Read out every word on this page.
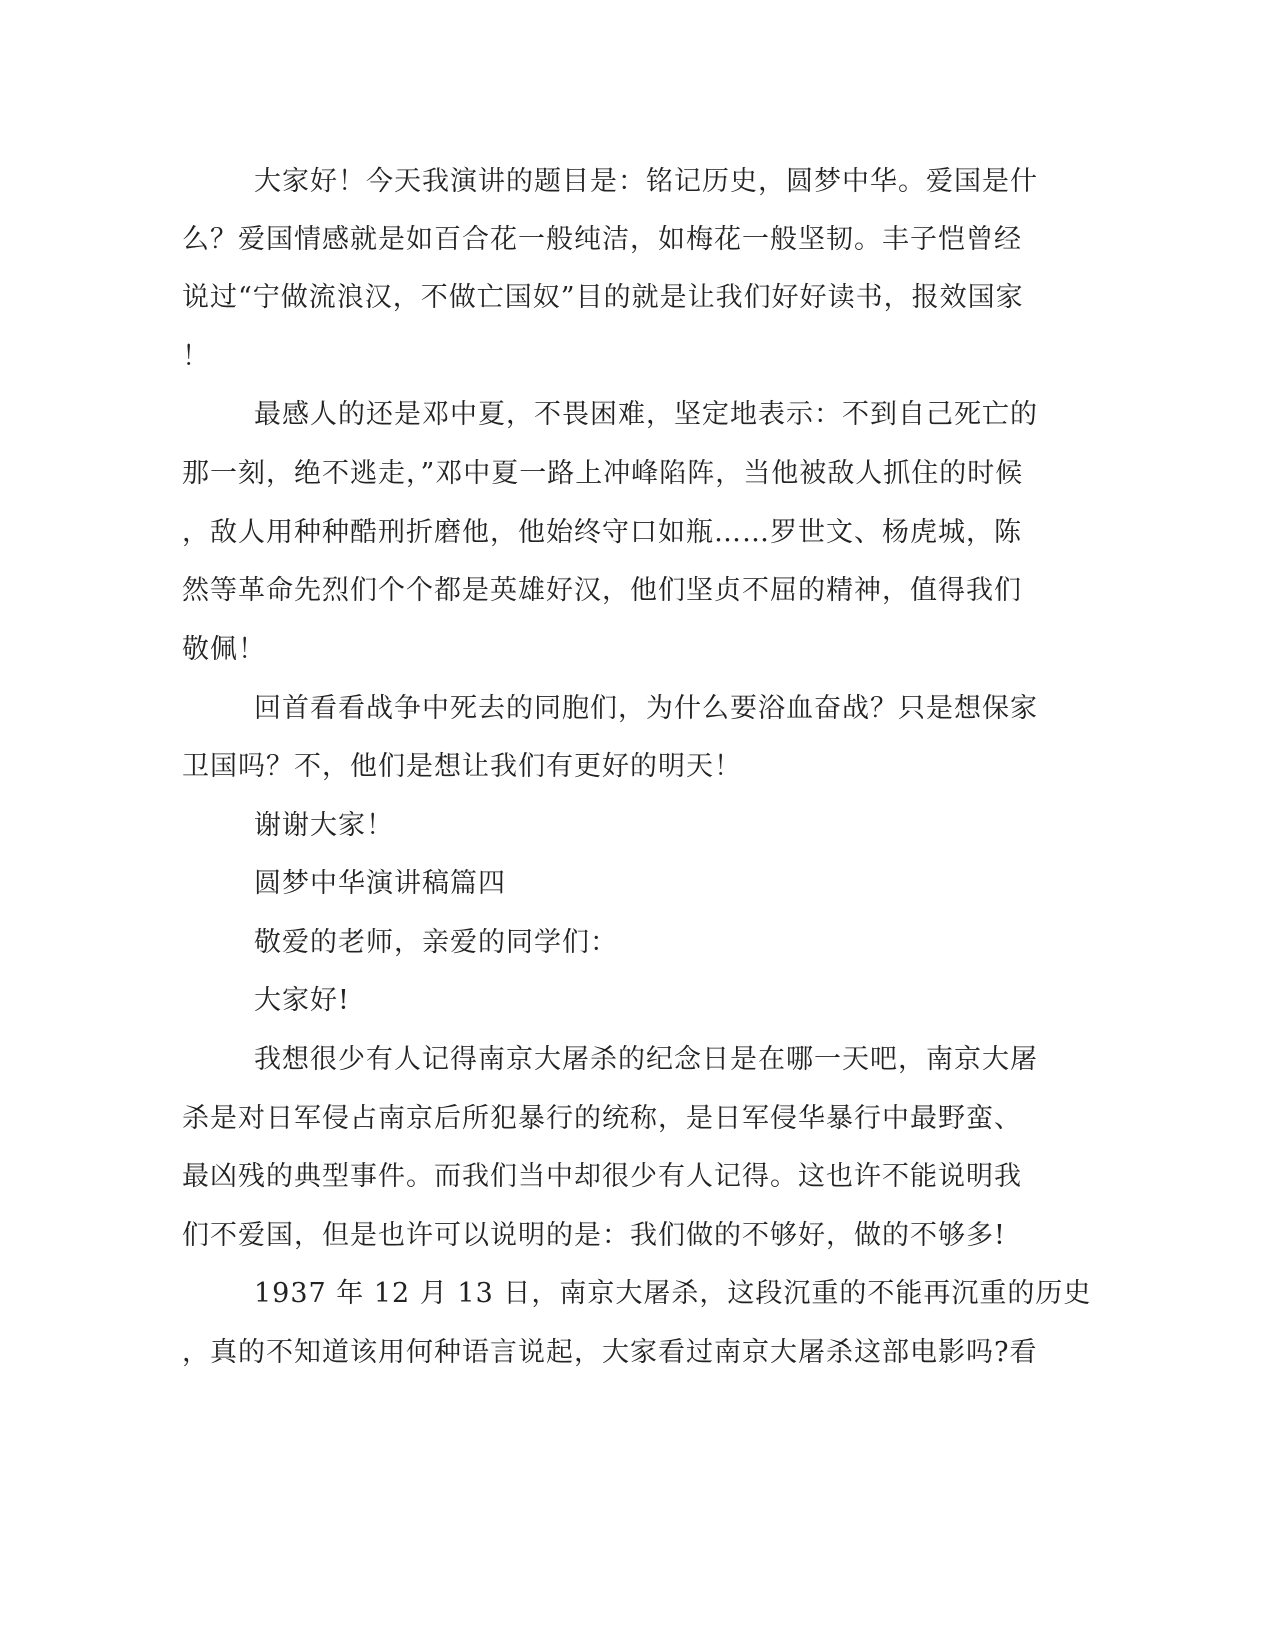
大家好！今天我演讲的题目是：铭记历史，圆梦中华。爱国是什
么？爱国情感就是如百合花一般纯洁，如梅花一般坚韧。丰子恺曾经
说过“宁做流浪汉，不做亡国奴”目的就是让我们好好读书，报效国家
！
最感人的还是邓中夏，不畏困难，坚定地表示：不到自己死亡的
那一刻，绝不逃走，”邓中夏一路上冲峰陷阵，当他被敌人抓住的时候
，敌人用种种酷刑折磨他，他始终守口如瓶……罗世文、杨虎城，陈
然等革命先烈们个个都是英雄好汉，他们坚贞不屈的精神，值得我们
敬佩！
回首看看战争中死去的同胞们，为什么要浴血奋战？只是想保家
卫国吗？不，他们是想让我们有更好的明天！
谢谢大家！
圆梦中华演讲稿篇四
敬爱的老师，亲爱的同学们：
大家好!
我想很少有人记得南京大屠杀的纪念日是在哪一天吧，南京大屠
杀是对日军侵占南京后所犯暴行的统称，是日军侵华暴行中最野蛮、
最凶残的典型事件。而我们当中却很少有人记得。这也许不能说明我
们不爱国，但是也许可以说明的是：我们做的不够好，做的不够多!
1937 年 12 月 13 日，南京大屠杀，这段沉重的不能再沉重的历史
，真的不知道该用何种语言说起，大家看过南京大屠杀这部电影吗?看
